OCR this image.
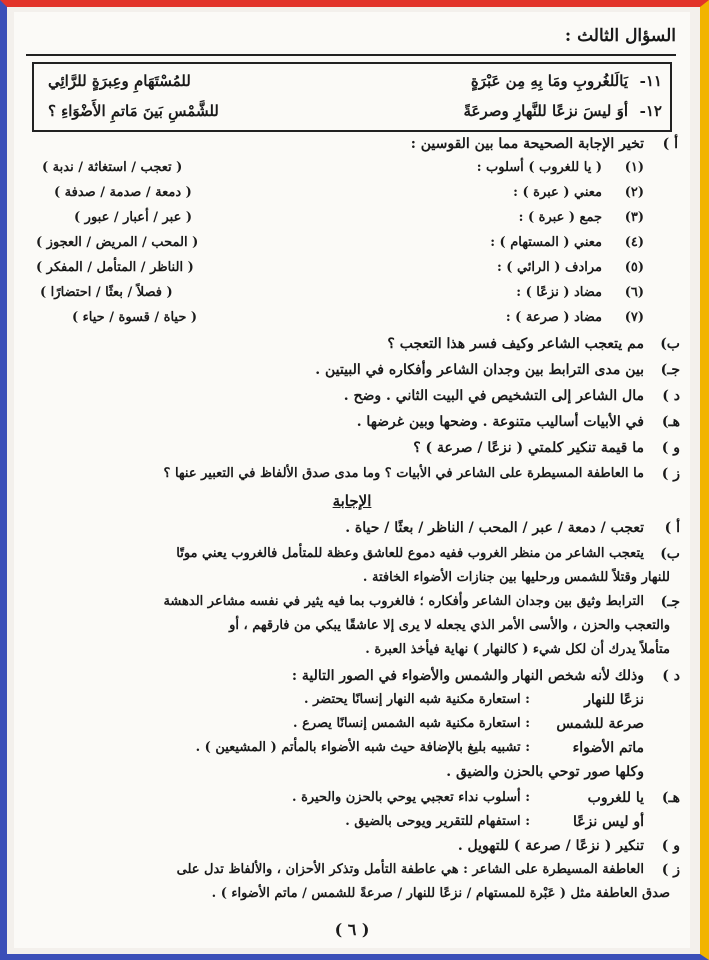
السؤال الثالث :
١١-
يَالَلغُروبِ ومَا بِهِ مِن عَبْرَةٍ
للمُسْتَهَامِ وعِبرَةٍ للرَّائِي
١٢-
أوَ ليسَ نزعًا للنَّهارِ وصرعَةً
للشَّمْسِ بَينَ مَاتمِ الأَضْوَاءِ ؟
أ )
تخير الإجابة الصحيحة مما بين القوسين :
(١)
( يا للغروب ) أسلوب :
( تعجب / استغاثة / ندبة )
(٢)
معني ( عبرة ) :
( دمعة / صدمة / صدفة )
(٣)
جمع ( عبرة ) :
( عبر / أعبار / عبور )
(٤)
معني ( المستهام ) :
( المحب / المريض / العجوز )
(٥)
مرادف ( الرائي ) :
( الناظر / المتأمل / المفكر )
(٦)
مضاد ( نزعًا ) :
( فصلاً / بعثًا / احتضارًا )
(٧)
مضاد ( صرعة ) :
( حياة / قسوة / حياء )
ب)
مم يتعجب الشاعر وكيف فسر هذا التعجب ؟
جـ)
بين مدى الترابط بين وجدان الشاعر وأفكاره في البيتين .
د )
مال الشاعر إلى التشخيص في البيت الثاني . وضح .
هـ)
في الأبيات أساليب متنوعة . وضحها وبين غرضها .
و )
ما قيمة تنكير كلمتي ( نزعًا / صرعة ) ؟
ز )
ما العاطفة المسيطرة على الشاعر في الأبيات ؟ وما مدى صدق الألفاظ في التعبير عنها ؟
الإجابة
أ )
تعجب / دمعة / عبر / المحب / الناظر / بعثًا / حياة .
ب)
يتعجب الشاعر من منظر الغروب ففيه دموع للعاشق وعظة للمتأمل فالغروب يعني موتًا
للنهار وقتلاً للشمس ورحليها بين جنازات الأضواء الخافتة .
جـ)
الترابط وثيق بين وجدان الشاعر وأفكاره ؛ فالغروب بما فيه يثير في نفسه مشاعر الدهشة
والتعجب والحزن ، والأسى الأمر الذي يجعله لا يرى إلا عاشقًا يبكي من فارقهم ، أو
متأملاً يدرك أن لكل شيء ( كالنهار ) نهاية فيأخذ العبرة .
د )
وذلك لأنه شخص النهار والشمس والأضواء في الصور التالية :
نزعًا للنهار
: استعارة مكنية شبه النهار إنسانًا يحتضر .
صرعة للشمس
: استعارة مكنية شبه الشمس إنسانًا يصرع .
ماتم الأضواء
: تشبيه بليغ بالإضافة حيث شبه الأضواء بالمأتم ( المشيعين ) .
وكلها صور توحي بالحزن والضيق .
هـ)
يا للغروب
: أسلوب نداء تعجبي يوحي بالحزن والحيرة .
أو ليس نزعًا
: استفهام للتقرير ويوحى بالضيق .
و )
تنكير ( نزعًا / صرعة ) للتهويل .
ز )
العاطفة المسيطرة على الشاعر : هي عاطفة التأمل وتذكر الأحزان ، والألفاظ تدل على
صدق العاطفة مثل ( عَبْرة للمستهام / نزعًا للنهار / صرعةً للشمس / ماتم الأضواء ) .
( ٦ )
